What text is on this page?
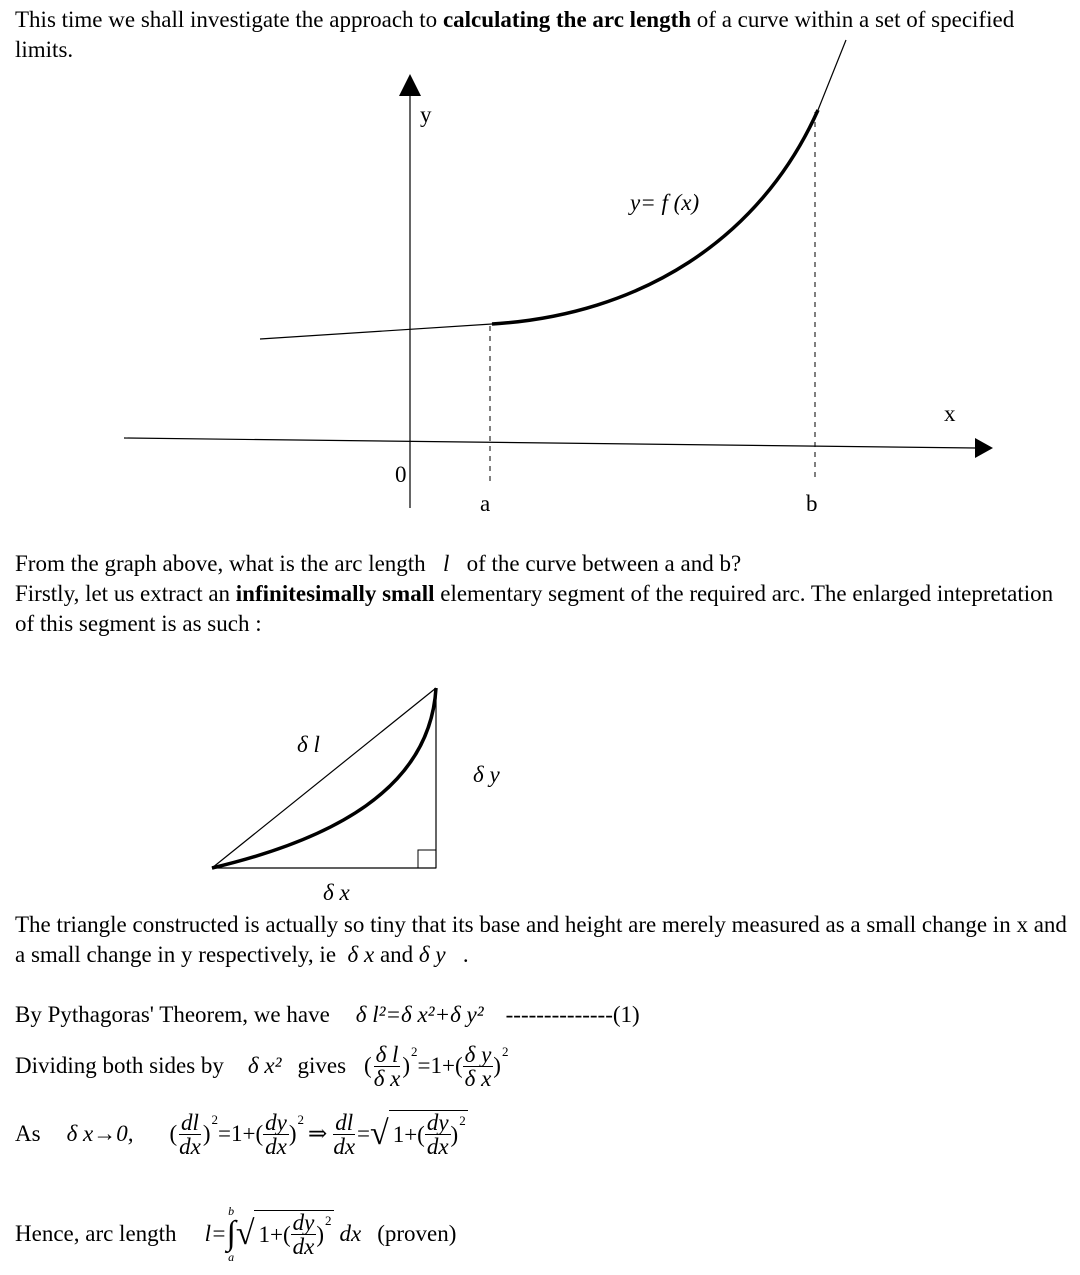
This time we shall investigate the approach to calculating the arc length of a curve within a set of specified limits.
y
x
0
a	b
y= f (x)
From the graph above, what is the arc length   l   of the curve between a and b?
Firstly, let us extract an infinitesimally small elementary segment of the required arc. The enlarged intepretation of this segment is as such :
δ l
δ y
δ x
The triangle constructed is actually so tiny that its base and height are merely measured as a small change in x and a small change in y respectively, ie  δ x and δ y   .
By Pythagoras' Theorem, we have δ l²=δ x²+δ y² --------------(1)
Dividing both sides by δ x² gives ( $\frac{\text{δ l}}{\text{δ x}}$ )
2
$=1+( \frac{\text{δ y}}{\text{δ x}}$ )
2
As δ x→0, ( $\frac{dl}{dx}$ )
2
$=1+( \frac{dy}{dx}$ )
2
⇒ $\frac{dl}{dx}$ = √ $1+( \frac{dy}{dx}$ )
2
Hence, arc length l=
b
∫
a
√ $1+( \frac{dy}{dx}$ )
2
dx (proven)
